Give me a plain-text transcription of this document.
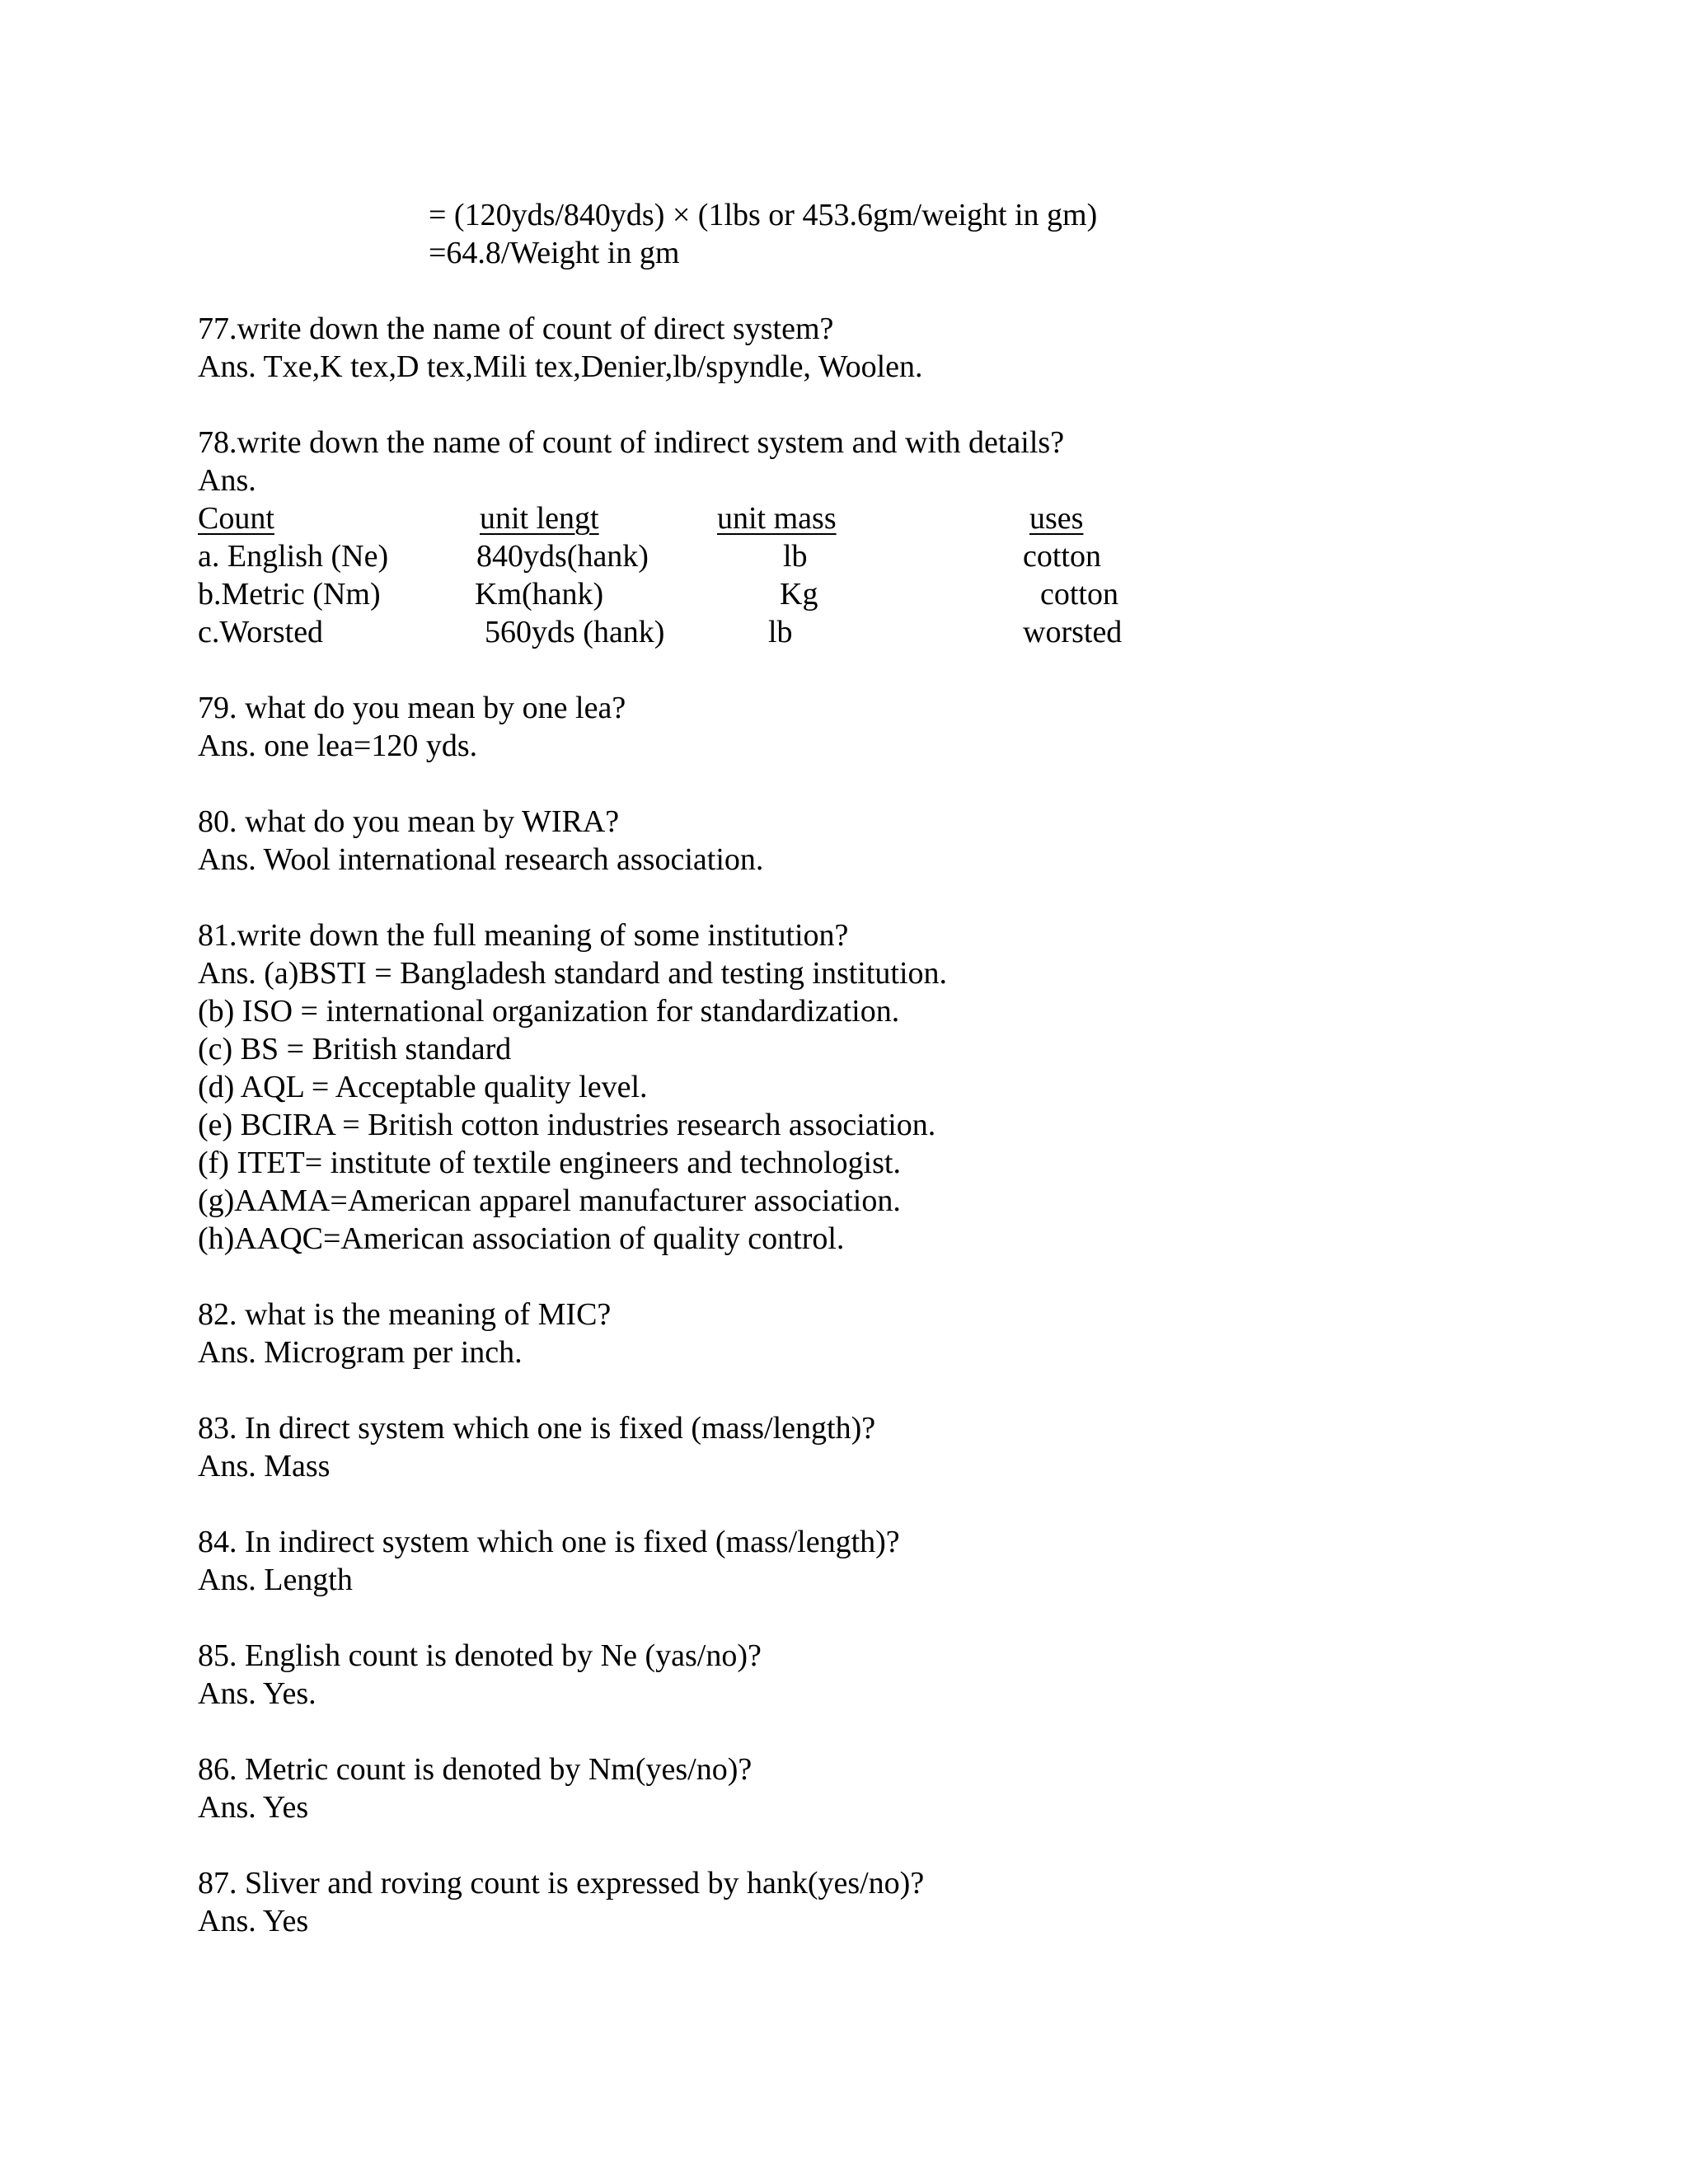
= (120yds/840yds) × (1lbs or 453.6gm/weight in gm)
=64.8/Weight in gm
77.write down the name of count of direct system?
Ans. Txe,K tex,D tex,Mili tex,Denier,lb/spyndle, Woolen.
78.write down the name of count of indirect system and with details?
Ans.
Count	unit lengt	unit mass	uses
a. English (Ne)	840yds(hank)	lb	cotton
b.Metric (Nm)	Km(hank)	Kg	cotton
c.Worsted	560yds (hank)	lb	worsted
79. what do you mean by one lea?
Ans. one lea=120 yds.
80. what do you mean by WIRA?
Ans. Wool international research association.
81.write down the full meaning of some institution?
Ans. (a)BSTI = Bangladesh standard and testing institution.
(b) ISO = international organization for standardization.
(c) BS = British standard
(d) AQL = Acceptable quality level.
(e) BCIRA = British cotton industries research association.
(f) ITET= institute of textile engineers and technologist.
(g)AAMA=American apparel manufacturer association.
(h)AAQC=American association of quality control.
82. what is the meaning of MIC?
Ans. Microgram per inch.
83. In direct system which one is fixed (mass/length)?
Ans. Mass
84. In indirect system which one is fixed (mass/length)?
Ans. Length
85. English count is denoted by Ne (yas/no)?
Ans. Yes.
86. Metric count is denoted by Nm(yes/no)?
Ans. Yes
87. Sliver and roving count is expressed by hank(yes/no)?
Ans. Yes
